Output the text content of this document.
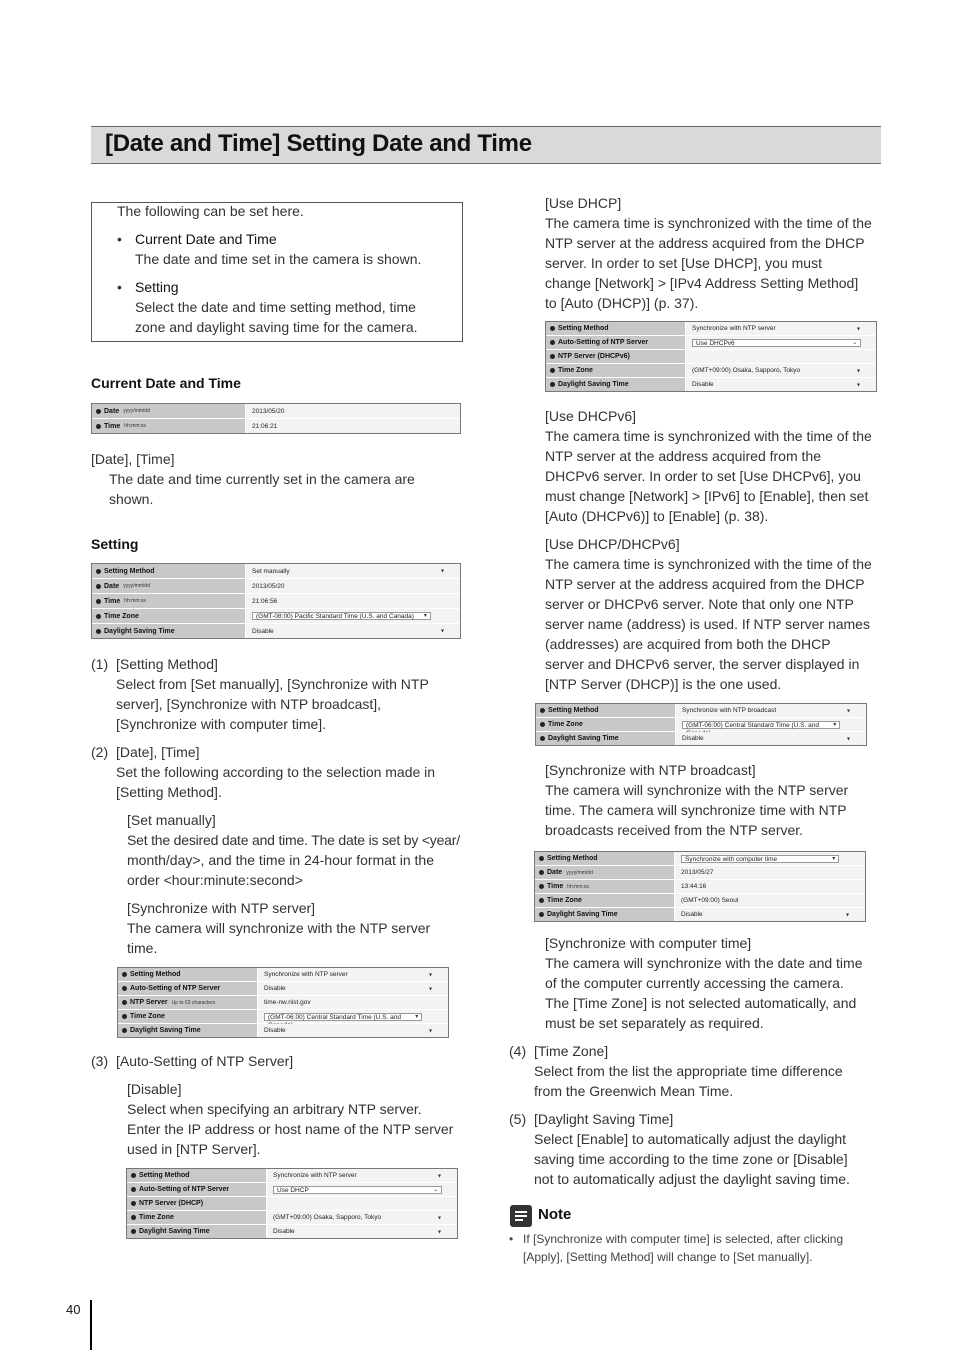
[Date and Time] Setting Date and Time
The following can be set here.
• Current Date and Time
The date and time set in the camera is shown.
• Setting
Select the date and time setting method, time
zone and daylight saving time for the camera.
Current Date and Time
Date yyyy/mm/dd	2013/05/20
Time hh:mm:ss	21:06:21
[Date], [Time]
The date and time currently set in the camera are
shown.
Setting
Setting Method	Set manually	▾
Date yyyy/mm/dd	2013/05/20
Time hh:mm:ss	21:06:56
Time Zone	(GMT-08:00) Pacific Standard Time (U.S. and Canada) ▾
Daylight Saving Time	Disable	▾
(1) [Setting Method]
Select from [Set manually], [Synchronize with NTP
server], [Synchronize with NTP broadcast],
[Synchronize with computer time].
(2) [Date], [Time]
Set the following according to the selection made in
[Setting Method].
[Set manually]
Set the desired date and time. The date is set by <year/
month/day>, and the time in 24-hour format in the
order <hour:minute:second>
[Synchronize with NTP server]
The camera will synchronize with the NTP server
time.
Setting Method	Synchronize with NTP server	▾
Auto-Setting of NTP Server	Disable	▾
NTP Server Up to 63 characters	time-nw.nist.gov
Time Zone	(GMT-06:00) Central Standard Time (U.S. and ▾
Daylight Saving Time	Disable	▾
(3) [Auto-Setting of NTP Server]
[Disable]
Select when specifying an arbitrary NTP server.
Enter the IP address or host name of the NTP server
used in [NTP Server].
Setting Method	Synchronize with NTP server	▾
Auto-Setting of NTP Server	Use DHCP	⌄
NTP Server (DHCP)
Time Zone	(GMT+09:00) Osaka, Sapporo, Tokyo	▾
Daylight Saving Time	Disable	▾
[Use DHCP]
The camera time is synchronized with the time of the
NTP server at the address acquired from the DHCP
server. In order to set [Use DHCP], you must
change [Network] > [IPv4 Address Setting Method]
to [Auto (DHCP)] (p. 37).
Setting Method	Synchronize with NTP server	▾
Auto-Setting of NTP Server	Use DHCPv6	⌄
NTP Server (DHCPv6)
Time Zone	(GMT+09:00) Osaka, Sapporo, Tokyo	▾
Daylight Saving Time	Disable	▾
[Use DHCPv6]
The camera time is synchronized with the time of the
NTP server at the address acquired from the
DHCPv6 server. In order to set [Use DHCPv6], you
must change [Network] > [IPv6] to [Enable], then set
[Auto (DHCPv6)] to [Enable] (p. 38).
[Use DHCP/DHCPv6]
The camera time is synchronized with the time of the
NTP server at the address acquired from the DHCP
server or DHCPv6 server. Note that only one NTP
server name (address) is used. If NTP server names
(addresses) are acquired from both the DHCP
server and DHCPv6 server, the server displayed in
[NTP Server (DHCP)] is the one used.
Setting Method	Synchronize with NTP broadcast	▾
Time Zone	(GMT-06:00) Central Standard Time (U.S. and ▾
Daylight Saving Time	Disable	▾
[Synchronize with NTP broadcast]
The camera will synchronize with the NTP server
time. The camera will synchronize time with NTP
broadcasts received from the NTP server.
Setting Method	Synchronize with computer time	▾
Date yyyy/mm/dd	2013/05/27
Time hh:mm:ss	13:44:16
Time Zone	(GMT+09:00) Seoul
Daylight Saving Time	Disable	▾
[Synchronize with computer time]
The camera will synchronize with the date and time
of the computer currently accessing the camera.
The [Time Zone] is not selected automatically, and
must be set separately as required.
(4) [Time Zone]
Select from the list the appropriate time difference
from the Greenwich Mean Time.
(5) [Daylight Saving Time]
Select [Enable] to automatically adjust the daylight
saving time according to the time zone or [Disable]
not to automatically adjust the daylight saving time.
Note
• If [Synchronize with computer time] is selected, after clicking
[Apply], [Setting Method] will change to [Set manually].
40
